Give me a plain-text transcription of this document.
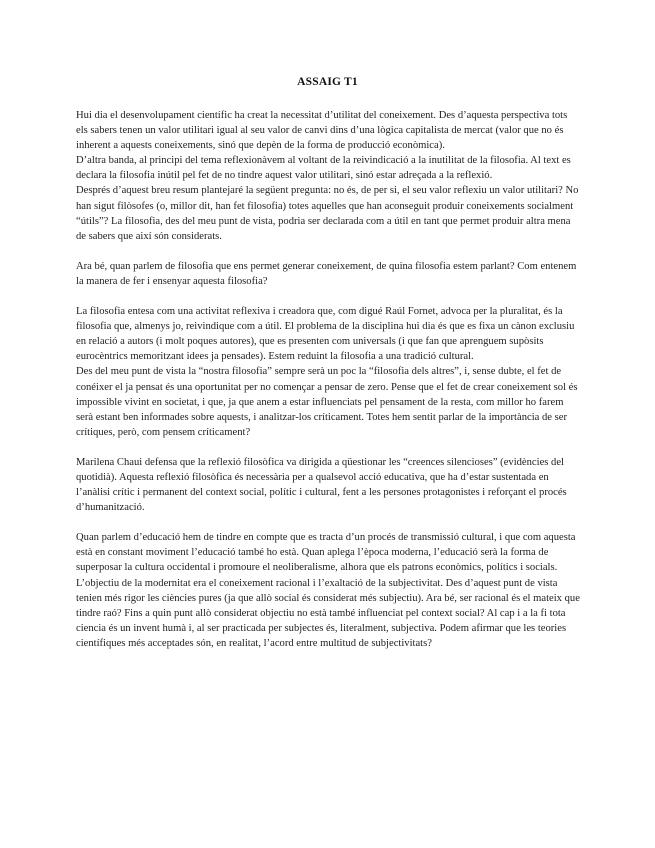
ASSAIG T1

Hui dia el desenvolupament científic ha creat la necessitat d’utilitat del coneixement. Des d’aquesta perspectiva tots els sabers tenen un valor utilitari igual al seu valor de canvi dins d’una lògica capitalista de mercat (valor que no és inherent a aquests coneixements, sinó que depèn de la forma de producció econòmica).

D’altra banda, al principi del tema reflexionàvem al voltant de la reivindicació a la inutilitat de la filosofia. Al text es declara la filosofia inútil pel fet de no tindre aquest valor utilitari, sinó estar adreçada a la reflexió.

Després d’aquest breu resum plantejaré la següent pregunta: no és, de per si, el seu valor reflexiu un valor utilitari? No han sigut filòsofes (o, millor dit, han fet filosofia) totes aquelles que han aconseguit produir coneixements socialment “útils”? La filosofia, des del meu punt de vista, podria ser declarada com a útil en tant que permet produir altra mena de sabers que així són considerats.

Ara bé, quan parlem de filosofia que ens permet generar coneixement, de quina filosofia estem parlant? Com entenem la manera de fer i ensenyar aquesta filosofia?

La filosofia entesa com una activitat reflexiva i creadora que, com digué Raúl Fornet, advoca per la pluralitat, és la filosofia que, almenys jo, reivindique com a útil. El problema de la disciplina hui dia és que es fixa un cànon exclusiu en relació a autors (i molt poques autores), que es presenten com universals (i que fan que aprenguem supòsits eurocèntrics memoritzant idees ja pensades). Estem reduint la filosofia a una tradició cultural.

Des del meu punt de vista la “nostra filosofia” sempre serà un poc la “filosofia dels altres”, i, sense dubte, el fet de conéixer el ja pensat és una oportunitat per no començar a pensar de zero. Pense que el fet de crear coneixement sol és impossible vivint en societat, i que, ja que anem a estar influenciats pel pensament de la resta, com millor ho farem serà estant ben informades sobre aquests, i analitzar-los críticament. Totes hem sentit parlar de la importància de ser crítiques, però, com pensem críticament?

Marilena Chaui defensa que la reflexió filosòfica va dirigida a qüestionar les “creences silencioses” (evidències del quotidià). Aquesta reflexió filosòfica és necessària per a qualsevol acció educativa, que ha d’estar sustentada en l’anàlisi crític i permanent del context social, polític i cultural, fent a les persones protagonistes i reforçant el procés d’humanització.

Quan parlem d’educació hem de tindre en compte que es tracta d’un procés de transmissió cultural, i que com aquesta està en constant moviment l’educació també ho està. Quan aplega l’època moderna, l’educació serà la forma de superposar la cultura occidental i promoure el neoliberalisme, alhora que els patrons econòmics, polítics i socials.

L’objectiu de la modernitat era el coneixement racional i l’exaltació de la subjectivitat. Des d’aquest punt de vista tenien més rigor les ciències pures (ja que allò social és considerat més subjectiu). Ara bé, ser racional és el mateix que tindre raó? Fins a quin punt allò considerat objectiu no està també influenciat pel context social? Al cap i a la fi tota ciencia és un invent humà i, al ser practicada per subjectes és, literalment, subjectiva. Podem afirmar que les teories científiques més acceptades són, en realitat, l’acord entre multitud de subjectivitats?
